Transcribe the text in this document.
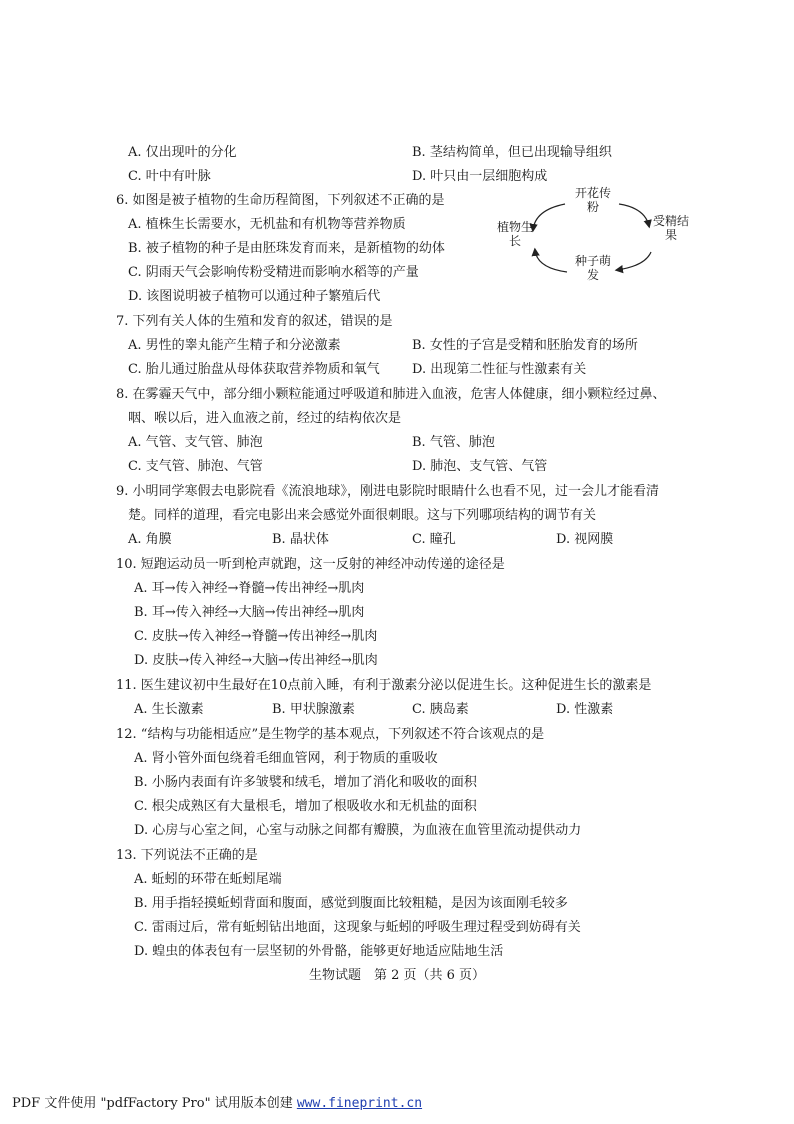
A. 仅出现叶的分化	B. 茎结构简单，但已出现输导组织
C. 叶中有叶脉	D. 叶只由一层细胞构成
6. 如图是被子植物的生命历程简图，下列叙述不正确的是
A. 植株生长需要水，无机盐和有机物等营养物质
B. 被子植物的种子是由胚珠发育而来，是新植物的幼体
C. 阴雨天气会影响传粉受精进而影响水稻等的产量
D. 该图说明被子植物可以通过种子繁殖后代
开花传粉
受精结果
种子萌发
植物生长
7. 下列有关人体的生殖和发育的叙述，错误的是
A. 男性的睾丸能产生精子和分泌激素	B. 女性的子宫是受精和胚胎发育的场所
C. 胎儿通过胎盘从母体获取营养物质和氧气 D. 出现第二性征与性激素有关
8. 在雾霾天气中，部分细小颗粒能通过呼吸道和肺进入血液，危害人体健康，细小颗粒经过鼻、
咽、喉以后，进入血液之前，经过的结构依次是
A. 气管、支气管、肺泡	B. 气管、肺泡
C. 支气管、肺泡、气管	D. 肺泡、支气管、气管
9. 小明同学寒假去电影院看《流浪地球》，刚进电影院时眼睛什么也看不见，过一会儿才能看清
楚。同样的道理，看完电影出来会感觉外面很刺眼。这与下列哪项结构的调节有关
A. 角膜	B. 晶状体	C. 瞳孔	D. 视网膜
10. 短跑运动员一听到枪声就跑，这一反射的神经冲动传递的途径是
A. 耳→传入神经→脊髓→传出神经→肌肉
B. 耳→传入神经→大脑→传出神经→肌肉
C. 皮肤→传入神经→脊髓→传出神经→肌肉
D. 皮肤→传入神经→大脑→传出神经→肌肉
11. 医生建议初中生最好在10点前入睡，有利于激素分泌以促进生长。这种促进生长的激素是
A. 生长激素	B. 甲状腺激素	C. 胰岛素	D. 性激素
12. “结构与功能相适应”是生物学的基本观点，下列叙述不符合该观点的是
A. 肾小管外面包绕着毛细血管网，利于物质的重吸收
B. 小肠内表面有许多皱襞和绒毛，增加了消化和吸收的面积
C. 根尖成熟区有大量根毛，增加了根吸收水和无机盐的面积
D. 心房与心室之间，心室与动脉之间都有瓣膜，为血液在血管里流动提供动力
13. 下列说法不正确的是
A. 蚯蚓的环带在蚯蚓尾端
B. 用手指轻摸蚯蚓背面和腹面，感觉到腹面比较粗糙，是因为该面刚毛较多
C. 雷雨过后，常有蚯蚓钻出地面，这现象与蚯蚓的呼吸生理过程受到妨碍有关
D. 蝗虫的体表包有一层坚韧的外骨骼，能够更好地适应陆地生活
生物试题　第 2 页（共 6 页）
PDF 文件使用 "pdfFactory Pro" 试用版本创建 www.fineprint.cn
